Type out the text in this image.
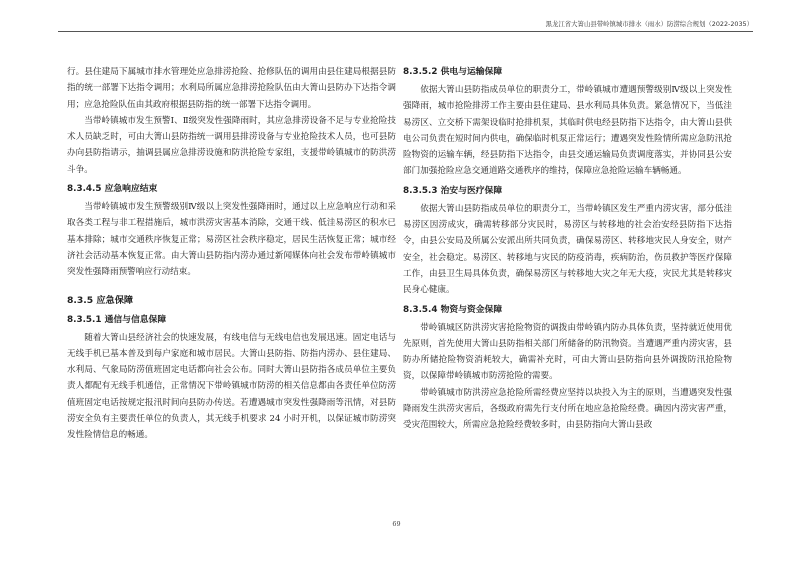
黑龙江省大箐山县带岭镇城市排水（雨水）防涝综合规划（2022-2035）

行。县住建局下属城市排水管理处应急排涝抢险、抢修队伍的调用由县住建局根据县防指的统一部署下达指令调用；水利局所属应急排涝抢险队伍由大箐山县防办下达指令调用；应急抢险队伍由其政府根据县防指的统一部署下达指令调用。

当带岭镇城市发生预警Ⅰ、Ⅱ级突发性强降雨时，其应急排涝设备不足与专业抢险技术人员缺乏时，可由大箐山县防指统一调用县排涝设备与专业抢险技术人员，也可县防办向县防指请示，抽调县属应急排涝设施和防洪抢险专家组，支援带岭镇城市的防洪涝斗争。

8.3.4.5 应急响应结束

当带岭镇城市发生预警级别Ⅳ级以上突发性强降雨时，通过以上应急响应行动和采取各类工程与非工程措施后，城市洪涝灾害基本消除，交通干线、低洼易涝区的积水已基本排除；城市交通秩序恢复正常；易涝区社会秩序稳定，居民生活恢复正常；城市经济社会活动基本恢复正常。由大箐山县防指内涝办通过新闻媒体向社会发布带岭镇城市突发性强降雨预警响应行动结束。

8.3.5 应急保障
8.3.5.1 通信与信息保障

随着大箐山县经济社会的快速发展，有线电信与无线电信也发展迅速。固定电话与无线手机已基本普及到每户家庭和城市居民。大箐山县防指、防指内涝办、县住建局、水利局、气象局防涝值班固定电话都向社会公布。同时大箐山县防指各成员单位主要负责人都配有无线手机通信，正常情况下带岭镇城市防涝的相关信息都由各责任单位防涝值班固定电话按规定报汛时间向县防办传送。若遭遇城市突发性强降雨等汛情，对县防涝安全负有主要责任单位的负责人，其无线手机要求 24 小时开机，以保证城市防涝突发性险情信息的畅通。

8.3.5.2 供电与运输保障

依据大箐山县防指成员单位的职责分工，带岭镇城市遭遇预警级别Ⅳ级以上突发性强降雨，城市抢险排涝工作主要由县住建局、县水利局具体负责。紧急情况下，当低洼易涝区、立交桥下需架设临时抢排机泵，其临时供电经县防指下达指令，由大箐山县供电公司负责在短时间内供电，确保临时机泵正常运行；遭遇突发性险情所需应急防汛抢险物资的运输车辆，经县防指下达指令，由县交通运输局负责调度落实，并协同县公安部门加强抢险应急交通道路交通秩序的维持，保障应急抢险运输车辆畅通。

8.3.5.3 治安与医疗保障

依据大箐山县防指成员单位的职责分工，当带岭镇区发生严重内涝灾害，部分低洼易涝区因涝成灾，确需转移部分灾民时，易涝区与转移地的社会治安经县防指下达指令，由县公安局及所属公安派出所共同负责，确保易涝区、转移地灾民人身安全，财产安全，社会稳定。易涝区、转移地与灾民的防疫消毒，疾病防治，伤员救护等医疗保障工作，由县卫生局具体负责，确保易涝区与转移地大灾之年无大疫，灾民尤其是转移灾民身心健康。

8.3.5.4 物资与资金保障

带岭镇城区防洪涝灾害抢险物资的调拨由带岭镇内防办具体负责，坚持就近使用优先原则，首先使用大箐山县防指相关部门所储备的防汛物资。当遭遇严重内涝灾害，县防办所储抢险物资消耗较大，确需补充时，可由大箐山县防指向县外调拨防汛抢险物资，以保障带岭镇城市防涝抢险的需要。

带岭镇城市防洪涝应急抢险所需经费应坚持以块投入为主的原则，当遭遇突发性强降雨发生洪涝灾害后，各级政府需先行支付所在地应急抢险经费。确因内涝灾害严重，受灾范围较大，所需应急抢险经费较多时，由县防指向大箐山县政

69
